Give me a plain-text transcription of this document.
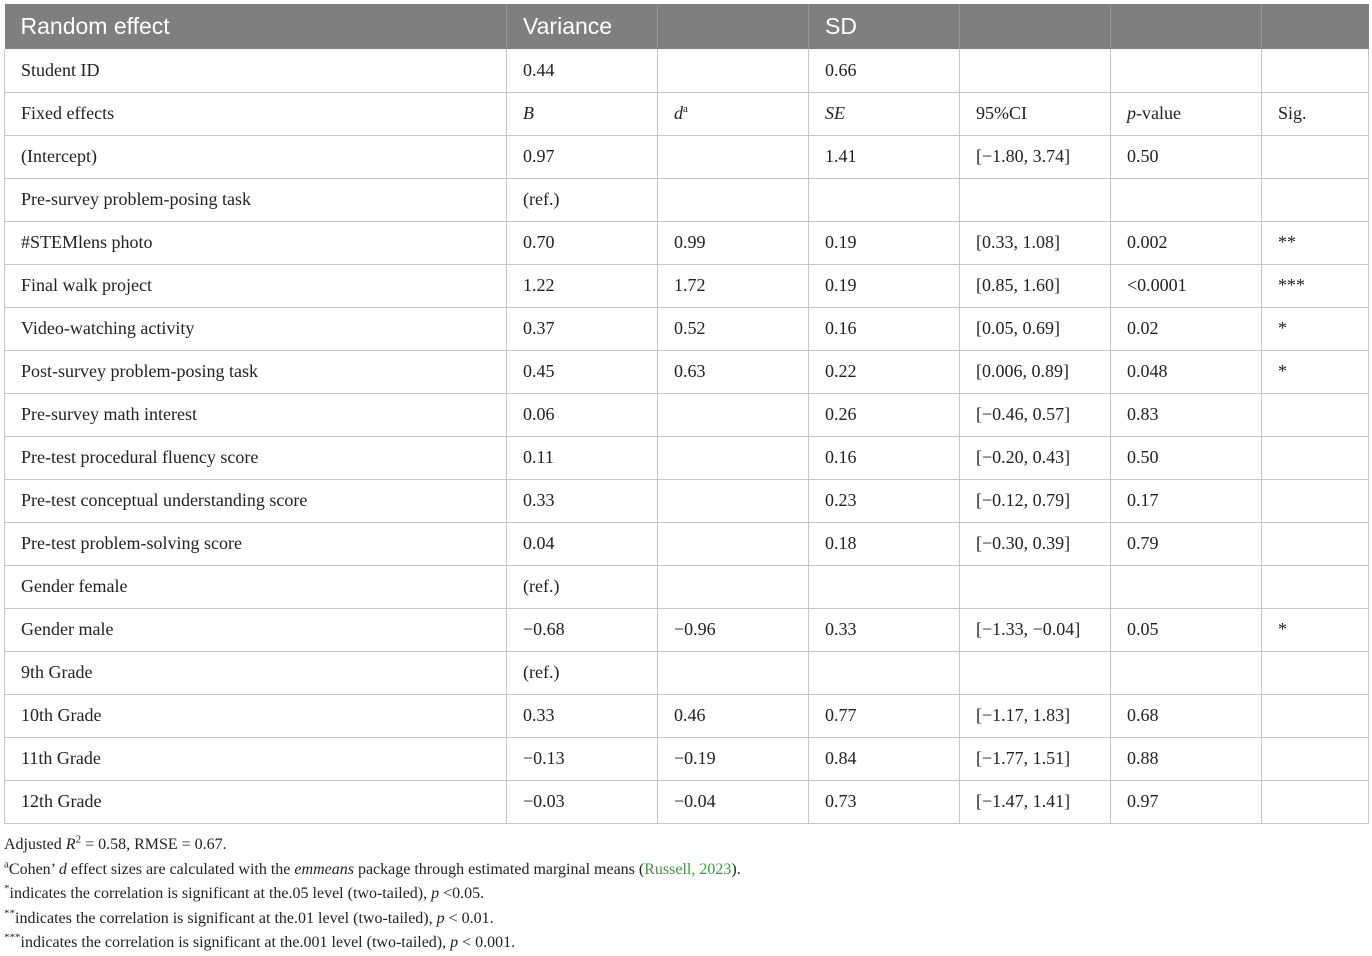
Random effect	Variance		SD			
Student ID	0.44		0.66			
Fixed effects	B	$d^a$	SE	95%CI	p-value	Sig.
(Intercept)	0.97		1.41	[−1.80, 3.74]	0.50	
Pre-survey problem-posing task	(ref.)					
#STEMlens photo	0.70	0.99	0.19	[0.33, 1.08]	0.002	**
Final walk project	1.22	1.72	0.19	[0.85, 1.60]	<0.0001	***
Video-watching activity	0.37	0.52	0.16	[0.05, 0.69]	0.02	*
Post-survey problem-posing task	0.45	0.63	0.22	[0.006, 0.89]	0.048	*
Pre-survey math interest	0.06		0.26	[−0.46, 0.57]	0.83	
Pre-test procedural fluency score	0.11		0.16	[−0.20, 0.43]	0.50	
Pre-test conceptual understanding score	0.33		0.23	[−0.12, 0.79]	0.17	
Pre-test problem-solving score	0.04		0.18	[−0.30, 0.39]	0.79	
Gender female	(ref.)					
Gender male	−0.68	−0.96	0.33	[−1.33, −0.04]	0.05	*
9th Grade	(ref.)					
10th Grade	0.33	0.46	0.77	[−1.17, 1.83]	0.68	
11th Grade	−0.13	−0.19	0.84	[−1.77, 1.51]	0.88	
12th Grade	−0.03	−0.04	0.73	[−1.47, 1.41]	0.97	
Adjusted $R^2 = 0.58$, RMSE = 0.67.
$^a$Cohen’ d effect sizes are calculated with the emmeans package through estimated marginal means (Russell, 2023).
*indicates the correlation is significant at the.05 level (two-tailed), p <0.05.
**indicates the correlation is significant at the.01 level (two-tailed), p < 0.01.
***indicates the correlation is significant at the.001 level (two-tailed), p < 0.001.
